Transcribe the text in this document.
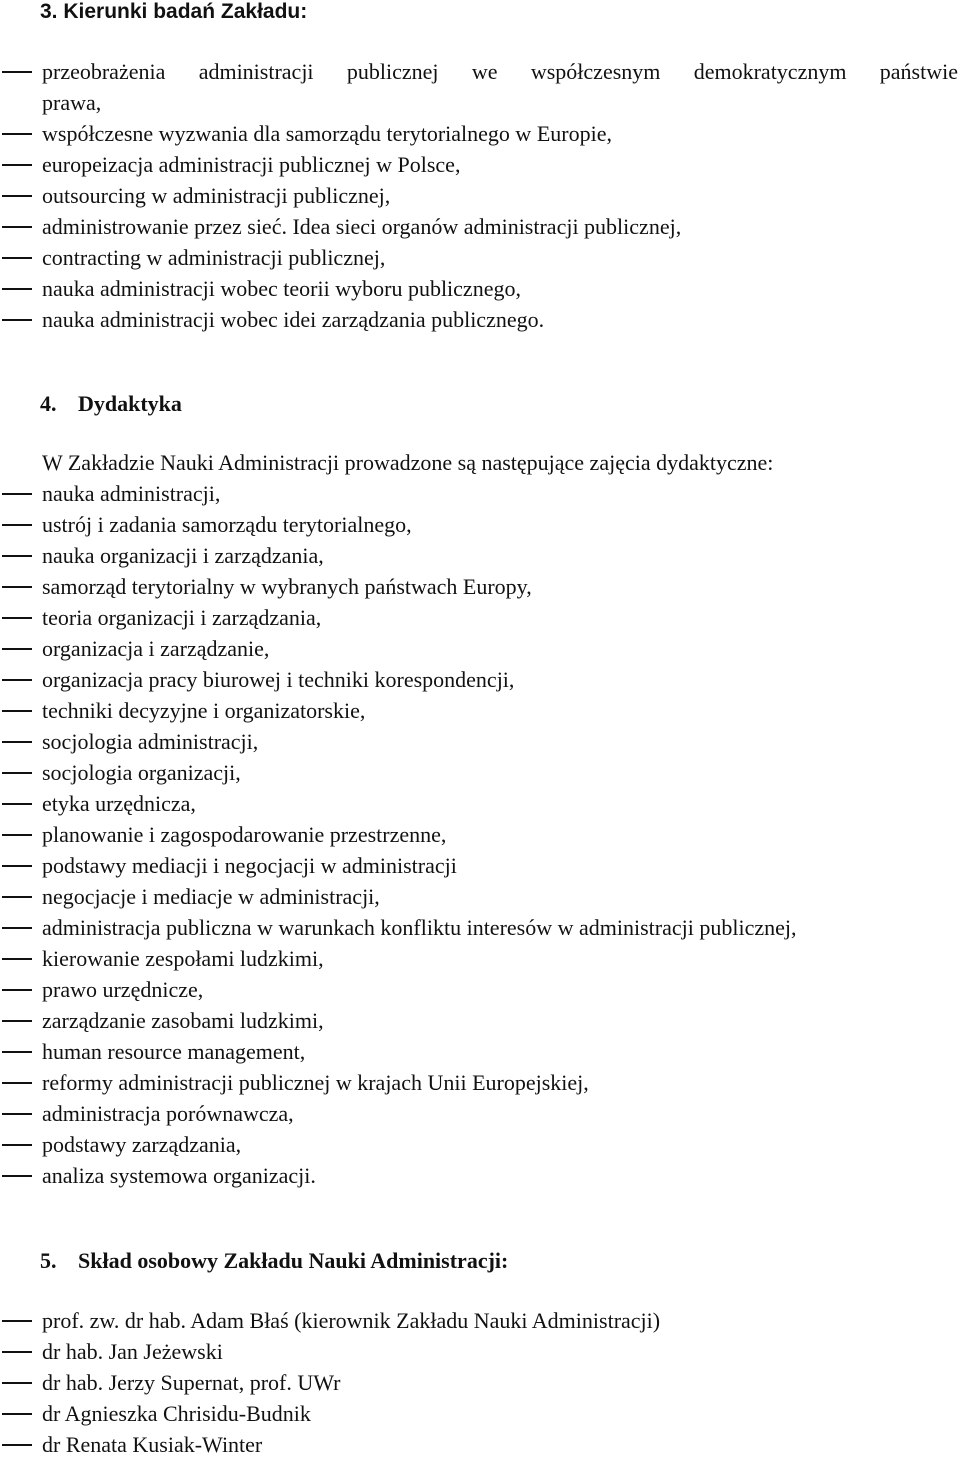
3. Kierunki badań Zakładu:
przeobrażenia administracji publicznej we współczesnym demokratycznym państwie
prawa,
współczesne wyzwania dla samorządu terytorialnego w Europie,
europeizacja administracji publicznej w Polsce,
outsourcing w administracji publicznej,
administrowanie przez sieć. Idea sieci organów administracji publicznej,
contracting w administracji publicznej,
nauka administracji wobec teorii wyboru publicznego,
nauka administracji wobec idei zarządzania publicznego.
4. Dydaktyka
W Zakładzie Nauki Administracji prowadzone są następujące zajęcia dydaktyczne:
nauka administracji,
ustrój i zadania samorządu terytorialnego,
nauka organizacji i zarządzania,
samorząd terytorialny w wybranych państwach Europy,
teoria organizacji i zarządzania,
organizacja i zarządzanie,
organizacja pracy biurowej i techniki korespondencji,
techniki decyzyjne i organizatorskie,
socjologia administracji,
socjologia organizacji,
etyka urzędnicza,
planowanie i zagospodarowanie przestrzenne,
podstawy mediacji i negocjacji w administracji
negocjacje i mediacje w administracji,
administracja publiczna w warunkach konfliktu interesów w administracji publicznej,
kierowanie zespołami ludzkimi,
prawo urzędnicze,
zarządzanie zasobami ludzkimi,
human resource management,
reformy administracji publicznej w krajach Unii Europejskiej,
administracja porównawcza,
podstawy zarządzania,
analiza systemowa organizacji.
5. Skład osobowy Zakładu Nauki Administracji:
prof. zw. dr hab. Adam Błaś (kierownik Zakładu Nauki Administracji)
dr hab. Jan Jeżewski
dr hab. Jerzy Supernat, prof. UWr
dr Agnieszka Chrisidu-Budnik
dr Renata Kusiak-Winter
